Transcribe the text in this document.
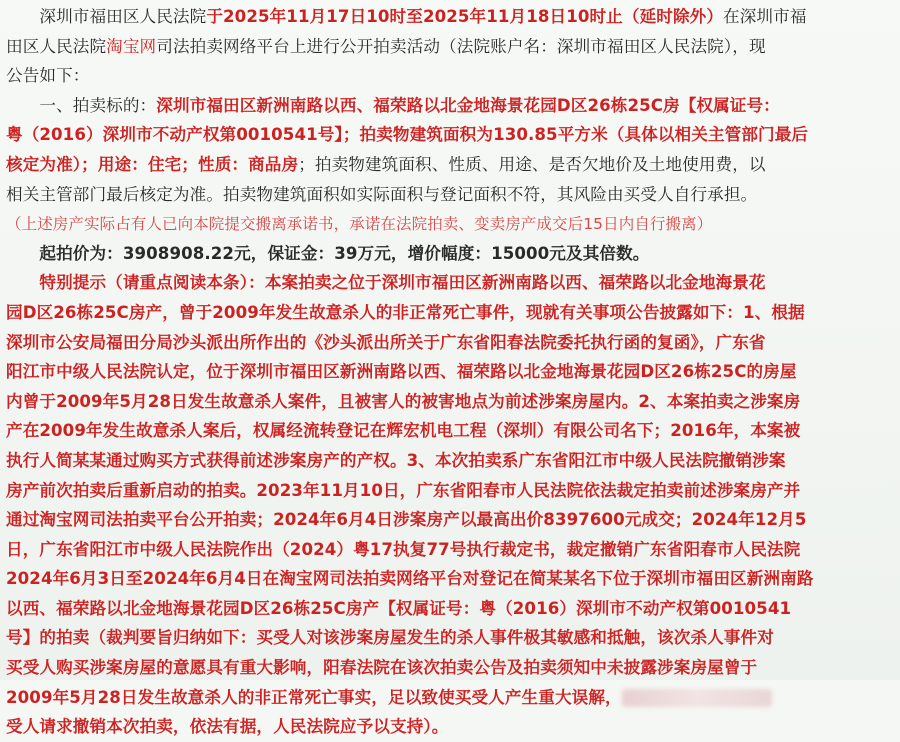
　　深圳市福田区人民法院于2025年11月17日10时至2025年11月18日10时止（延时除外）在深圳市福
田区人民法院淘宝网司法拍卖网络平台上进行公开拍卖活动（法院账户名：深圳市福田区人民法院），现
公告如下：
　　一、拍卖标的：深圳市福田区新洲南路以西、福荣路以北金地海景花园D区26栋25C房【权属证号：
粤（2016）深圳市不动产权第0010541号】；拍卖物建筑面积为130.85平方米（具体以相关主管部门最后
核定为准）；用途：住宅；性质：商品房；拍卖物建筑面积、性质、用途、是否欠地价及土地使用费，以
相关主管部门最后核定为准。拍卖物建筑面积如实际面积与登记面积不符，其风险由买受人自行承担。
（上述房产实际占有人已向本院提交搬离承诺书，承诺在法院拍卖、变卖房产成交后15日内自行搬离）
　　起拍价为：3908908.22元，保证金：39万元，增价幅度：15000元及其倍数。
　　特别提示（请重点阅读本条）：本案拍卖之位于深圳市福田区新洲南路以西、福荣路以北金地海景花
园D区26栋25C房产，曾于2009年发生故意杀人的非正常死亡事件，现就有关事项公告披露如下：1、根据
深圳市公安局福田分局沙头派出所作出的《沙头派出所关于广东省阳春法院委托执行函的复函》，广东省
阳江市中级人民法院认定，位于深圳市福田区新洲南路以西、福荣路以北金地海景花园D区26栋25C的房屋
内曾于2009年5月28日发生故意杀人案件，且被害人的被害地点为前述涉案房屋内。2、本案拍卖之涉案房
产在2009年发生故意杀人案后，权属经流转登记在辉宏机电工程（深圳）有限公司名下；2016年，本案被
执行人简某某通过购买方式获得前述涉案房产的产权。3、本次拍卖系广东省阳江市中级人民法院撤销涉案
房产前次拍卖后重新启动的拍卖。2023年11月10日，广东省阳春市人民法院依法裁定拍卖前述涉案房产并
通过淘宝网司法拍卖平台公开拍卖；2024年6月4日涉案房产以最高出价8397600元成交；2024年12月5
日，广东省阳江市中级人民法院作出（2024）粤17执复77号执行裁定书，裁定撤销广东省阳春市人民法院
2024年6月3日至2024年6月4日在淘宝网司法拍卖网络平台对登记在简某某名下位于深圳市福田区新洲南路
以西、福荣路以北金地海景花园D区26栋25C房产【权属证号：粤（2016）深圳市不动产权第0010541
号】的拍卖（裁判要旨归纳如下：买受人对该涉案房屋发生的杀人事件极其敏感和抵触，该次杀人事件对
买受人购买涉案房屋的意愿具有重大影响，阳春法院在该次拍卖公告及拍卖须知中未披露涉案房屋曾于
2009年5月28日发生故意杀人的非正常死亡事实，足以致使买受人产生重大误解，
受人请求撤销本次拍卖，依法有据，人民法院应予以支持）。
